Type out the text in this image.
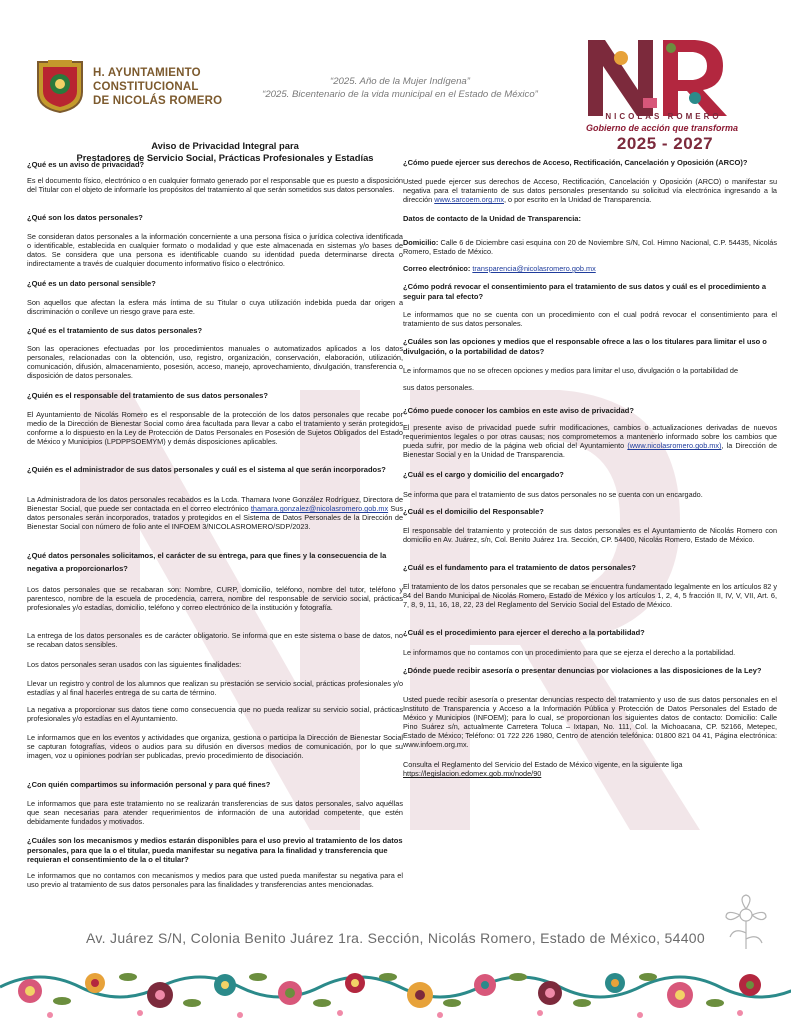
H. AYUNTAMIENTO
CONSTITUCIONAL
DE NICOLÁS ROMERO
“2025. Año de la Mujer Indígena”
“2025. Bicentenario de la vida municipal en el Estado de México”
NICOLÁS ROMERO
Gobierno de acción que transforma
2025 - 2027
Aviso de Privacidad Integral para
Prestadores de Servicio Social, Prácticas Profesionales y Estadías
¿Qué es un aviso de privacidad?
Es el documento físico, electrónico o en cualquier formato generado por el responsable que es puesto a disposición del Titular con el objeto de informarle los propósitos del tratamiento al que serán sometidos sus datos personales.
¿Qué son los datos personales?
Se consideran datos personales a la información concerniente a una persona física o jurídica colectiva identificada o identificable, establecida en cualquier formato o modalidad y que este almacenada en sistemas y/o bases de datos. Se considera que una persona es identificable cuando su identidad pueda determinarse directa o indirectamente a través de cualquier documento informativo físico o electrónico.
¿Qué es un dato personal sensible?
Son aquellos que afectan la esfera más íntima de su Titular o cuya utilización indebida pueda dar origen a discriminación o conlleve un riesgo grave para este.
¿Qué es el tratamiento de sus datos personales?
Son las operaciones efectuadas por los procedimientos manuales o automatizados aplicados a los datos personales, relacionadas con la obtención, uso, registro, organización, conservación, elaboración, utilización, comunicación, difusión, almacenamiento, posesión, acceso, manejo, aprovechamiento, divulgación, transferencia o disposición de datos personales.
¿Quién es el responsable del tratamiento de sus datos personales?
El Ayuntamiento de Nicolás Romero es el responsable de la protección de los datos personales que recabe por medio de la Dirección de Bienestar Social como área facultada para llevar a cabo el tratamiento y serán protegidos conforme a lo dispuesto en la Ley de Protección de Datos Personales en Posesión de Sujetos Obligados del Estado de México y Municipios (LPDPPSOEMYM) y demás disposiciones aplicables.
¿Quién es el administrador de sus datos personales y cuál es el sistema al que serán incorporados?
La Administradora de los datos personales recabados es la Lcda. Thamara Ivone González Rodríguez, Directora de Bienestar Social, que puede ser contactada en el correo electrónico thamara.gonzalez@nicolasromero.gob.mx Sus datos personales serán incorporados, tratados y protegidos en el Sistema de Datos Personales de la Dirección de Bienestar Social con número de folio ante el INFOEM 3/NICOLASROMERO/SDP/2023.
¿Qué datos personales solicitamos, el carácter de su entrega, para que fines y la consecuencia de la negativa a proporcionarlos?
Los datos personales que se recabaran son: Nombre, CURP, domicilio, teléfono, nombre del tutor, teléfono y parentesco, nombre de la escuela de procedencia, carrera, nombre del responsable de servicio social, prácticas profesionales y/o estadías, domicilio, teléfono y correo electrónico de la institución y fotografía.
La entrega de los datos personales es de carácter obligatorio. Se informa que en este sistema o base de datos, no se recaban datos sensibles.
Los datos personales seran usados con las siguientes finalidades:
Llevar un registro y control de los alumnos que realizan su prestación se servicio social, prácticas profesionales y/o estadías y al final hacerles entrega de su carta de término.
La negativa a proporcionar sus datos tiene como consecuencia que no pueda realizar su servicio social, prácticas profesionales y/o estadías en el Ayuntamiento.
Le informamos que en los eventos y actividades que organiza, gestiona o participa la Dirección de Bienestar Social se capturan fotografías, videos o audios para su difusión en diversos medios de comunicación, por lo que su imagen, voz u opiniones podrían ser publicadas, previo procedimiento de disociación.
¿Con quién compartimos su información personal y para qué fines?
Le informamos que para este tratamiento no se realizarán transferencias de sus datos personales, salvo aquéllas que sean necesarias para atender requerimientos de información de una autoridad competente, que estén debidamente fundados y motivados.
¿Cuáles son los mecanismos y medios estarán disponibles para el uso previo al tratamiento de los datos personales, para que la o el titular, pueda manifestar su negativa para la finalidad y transferencia que requieran el consentimiento de la o el titular?
Le informamos que no contamos con mecanismos y medios para que usted pueda manifestar su negativa para el uso previo al tratamiento de sus datos personales para las finalidades y transferencias antes mencionadas.
¿Cómo puede ejercer sus derechos de Acceso, Rectificación, Cancelación y Oposición (ARCO)?
Usted puede ejercer sus derechos de Acceso, Rectificación, Cancelación y Oposición (ARCO) o manifestar su negativa para el tratamiento de sus datos personales presentando su solicitud vía electrónica ingresando a la dirección www.sarcoem.org.mx, o por escrito en la Unidad de Transparencia.
Datos de contacto de la Unidad de Transparencia:
Domicilio: Calle 6 de Diciembre casi esquina con 20 de Noviembre S/N, Col. Himno Nacional, C.P. 54435, Nicolás Romero, Estado de México.
Correo electrónico: transparencia@nicolasromero.gob.mx
¿Cómo podrá revocar el consentimiento para el tratamiento de sus datos y cuál es el procedimiento a seguir para tal efecto?
Le informamos que no se cuenta con un procedimiento con el cual podrá revocar el consentimiento para el tratamiento de sus datos personales.
¿Cuáles son las opciones y medios que el responsable ofrece a las o los titulares para limitar el uso o divulgación, o la portabilidad de datos?
Le informamos que no se ofrecen opciones y medios para limitar el uso, divulgación o la portabilidad de
sus datos personales.
¿Cómo puede conocer los cambios en este aviso de privacidad?
El presente aviso de privacidad puede sufrir modificaciones, cambios o actualizaciones derivadas de nuevos requerimientos legales o por otras causas; nos comprometemos a mantenerlo informado sobre los cambios que pueda sufrir, por medio de la página web oficial del Ayuntamiento (www.nicolasromero.gob.mx), la Dirección de Bienestar Social y en la Unidad de Transparencia.
¿Cuál es el cargo y domicilio del encargado?
Se informa que para el tratamiento de sus datos personales no se cuenta con un encargado.
¿Cuál es el domicilio del Responsable?
El responsable del tratamiento y protección de sus datos personales es el Ayuntamiento de Nicolás Romero con domicilio en Av. Juárez, s/n, Col. Benito Juárez 1ra. Sección, CP. 54400, Nicolás Romero, Estado de México.
¿Cuál es el fundamento para el tratamiento de datos personales?
El tratamiento de los datos personales que se recaban se encuentra fundamentado legalmente en los artículos 82 y 84 del Bando Municipal de Nicolás Romero, Estado de México y los artículos 1, 2, 4, 5 fracción II, IV, V, VII, Art. 6, 7, 8, 9, 11, 16, 18, 22, 23 del Reglamento del Servicio Social del Estado de México.
¿Cuál es el procedimiento para ejercer el derecho a la portabilidad?
Le informamos que no contamos con un procedimiento para que se ejerza el derecho a la portabilidad.
¿Dónde puede recibir asesoría o presentar denuncias por violaciones a las disposiciones de la Ley?
Usted puede recibir asesoría o presentar denuncias respecto del tratamiento y uso de sus datos personales en el Instituto de Transparencia y Acceso a la Información Pública y Protección de Datos Personales del Estado de México y Municipios (INFOEM); para lo cual, se proporcionan los siguientes datos de contacto: Domicilio: Calle Pino Suárez s/n, actualmente Carretera Toluca – Ixtapan, No. 111, Col. la Michoacana, CP. 52166, Metepec, Estado de México; Teléfono: 01 722 226 1980, Centro de atención telefónica: 01800 821 04 41, Página electrónica: www.infoem.org.mx.
Consulta el Reglamento del Servicio del Estado de México vigente, en la siguiente liga
https://legislacion.edomex.gob.mx/node/90
Av. Juárez S/N, Colonia Benito Juárez 1ra. Sección, Nicolás Romero, Estado de México, 54400
